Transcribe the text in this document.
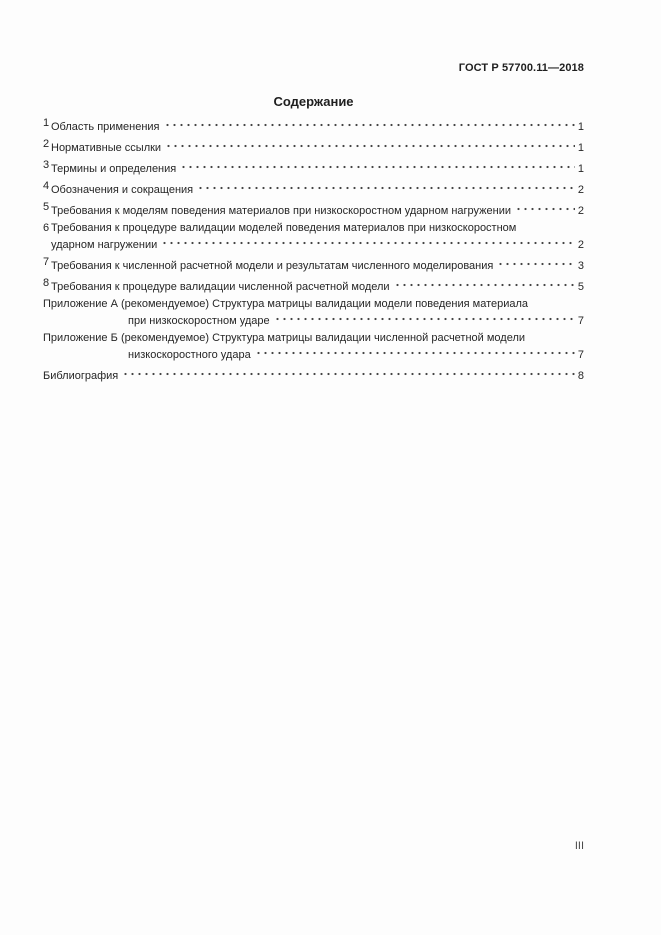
ГОСТ Р 57700.11—2018
Содержание
1 Область применения	1
2 Нормативные ссылки	1
3 Термины и определения	1
4 Обозначения и сокращения	2
5 Требования к моделям поведения материалов при низкоскоростном ударном нагружении	2
6 Требования к процедуре валидации моделей поведения материалов при низкоскоростном
ударном нагружении	2
7 Требования к численной расчетной модели и результатам численного моделирования	3
8 Требования к процедуре валидации численной расчетной модели	5
Приложение А (рекомендуемое) Структура матрицы валидации модели поведения материала
при низкоскоростном ударе	7
Приложение Б (рекомендуемое) Структура матрицы валидации численной расчетной модели
низкоскоростного удара	7
Библиография	8
III
